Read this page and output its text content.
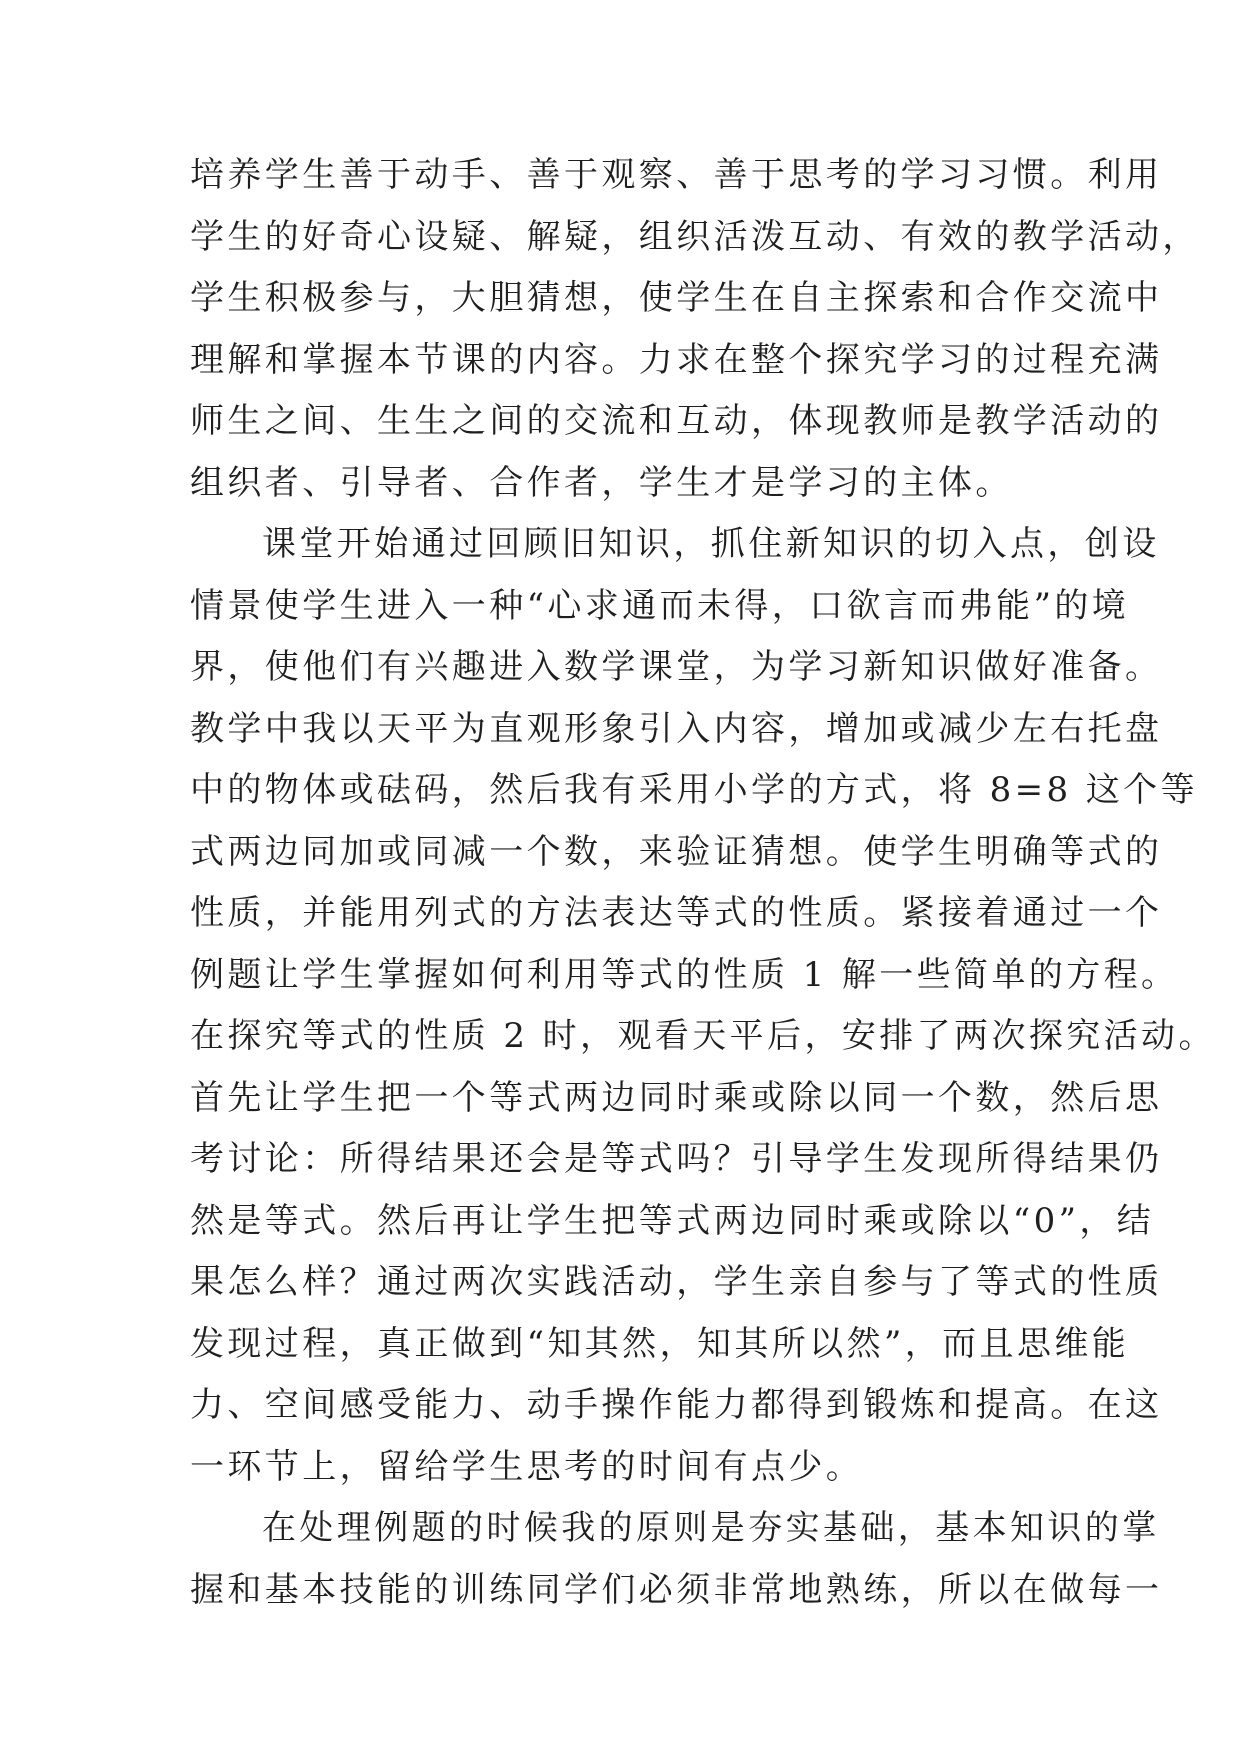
培养学生善于动手、善于观察、善于思考的学习习惯。利用
学生的好奇心设疑、解疑，组织活泼互动、有效的教学活动，
学生积极参与，大胆猜想，使学生在自主探索和合作交流中
理解和掌握本节课的内容。力求在整个探究学习的过程充满
师生之间、生生之间的交流和互动，体现教师是教学活动的
组织者、引导者、合作者，学生才是学习的主体。
课堂开始通过回顾旧知识，抓住新知识的切入点，创设
情景使学生进入一种“心求通而未得，口欲言而弗能”的境
界，使他们有兴趣进入数学课堂，为学习新知识做好准备。
教学中我以天平为直观形象引入内容，增加或减少左右托盘
中的物体或砝码，然后我有采用小学的方式，将 8=8 这个等
式两边同加或同减一个数，来验证猜想。使学生明确等式的
性质，并能用列式的方法表达等式的性质。紧接着通过一个
例题让学生掌握如何利用等式的性质 1 解一些简单的方程。
在探究等式的性质 2 时，观看天平后，安排了两次探究活动。
首先让学生把一个等式两边同时乘或除以同一个数，然后思
考讨论：所得结果还会是等式吗？引导学生发现所得结果仍
然是等式。然后再让学生把等式两边同时乘或除以“0”，结
果怎么样？通过两次实践活动，学生亲自参与了等式的性质
发现过程，真正做到“知其然，知其所以然”，而且思维能
力、空间感受能力、动手操作能力都得到锻炼和提高。在这
一环节上，留给学生思考的时间有点少。
在处理例题的时候我的原则是夯实基础，基本知识的掌
握和基本技能的训练同学们必须非常地熟练，所以在做每一
